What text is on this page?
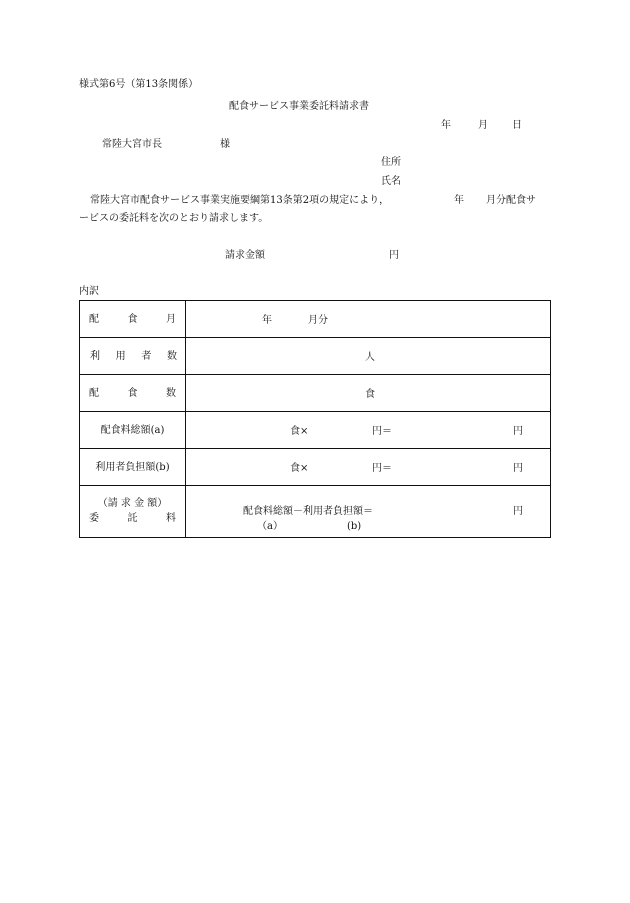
様式第6号（第13条関係）
配食サービス事業委託料請求書
年	月 日
常陸大宮市長	様
住所
氏名
常陸大宮市配食サービス事業実施要綱第13条第2項の規定により，	年 月分配食サ
ービスの委託料を次のとおり請求します。
請求金額	円
内訳
配 食 月	年 月分

利 用 者 数	人

配 食 数	食

配食料総額(a)	食× 円＝ 円

利用者負担額(b)	食× 円＝ 円

（請 求 金 額）
委 託 料	配食料総額－利用者負担額＝
（a） (b)
円
